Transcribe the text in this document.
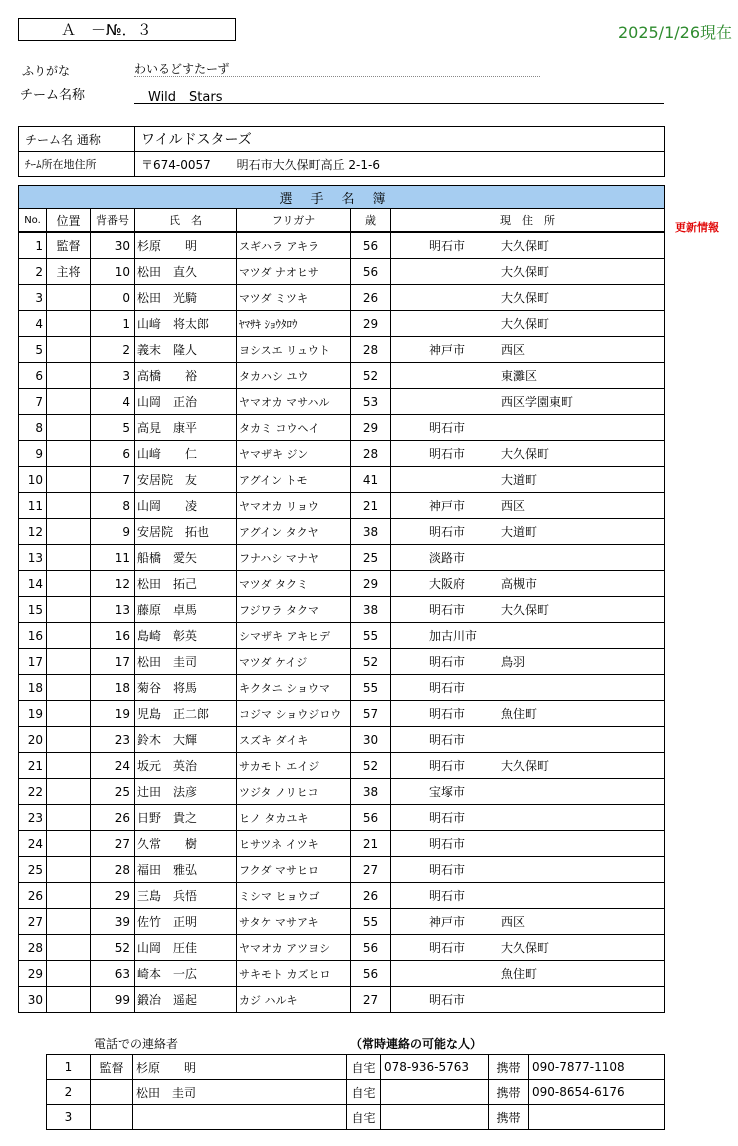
Ａ　－№．３	2025/1/26現在
ふりがな	わいるどすたーず
チーム名称	Wild　Stars
チーム名 通称	ワイルドスターズ
ﾁｰﾑ所在地住所	〒674-0057 明石市大久保町高丘 2-1-6
選手名簿						
No.	位置	背番号	氏　名	フリガナ	歳	現　住　所
1	監督	30	杉原　　明	スギハラ アキラ	56	明石市 大久保町
2	主将	10	松田　直久	マツダ ナオヒサ	56	大久保町
3		0	松田　光騎	マツダ ミツキ	26	大久保町
4		1	山﨑　将太郎	ﾔﾏｻｷ ｼｮｳﾀﾛｳ	29	大久保町
5		2	義末　隆人	ヨシスエ リュウト	28	神戸市 西区
6		3	高橋　　裕	タカハシ ユウ	52	東灘区
7		4	山岡　正治	ヤマオカ マサハル	53	西区学園東町
8		5	高見　康平	タカミ コウヘイ	29	明石市
9		6	山﨑　　仁	ヤマザキ ジン	28	明石市 大久保町
10		7	安居院　友	アグイン トモ	41	大道町
11		8	山岡　　凌	ヤマオカ リョウ	21	神戸市 西区
12		9	安居院　拓也	アグイン タクヤ	38	明石市 大道町
13		11	船橋　愛矢	フナハシ マナヤ	25	淡路市
14		12	松田　拓己	マツダ タクミ	29	大阪府 高槻市
15		13	藤原　卓馬	フジワラ タクマ	38	明石市 大久保町
16		16	島崎　彰英	シマザキ アキヒデ	55	加古川市
17		17	松田　圭司	マツダ ケイジ	52	明石市 鳥羽
18		18	菊谷　将馬	キクタニ ショウマ	55	明石市
19		19	児島　正二郎	コジマ ショウジロウ	57	明石市 魚住町
20		23	鈴木　大輝	スズキ ダイキ	30	明石市
21		24	坂元　英治	サカモト エイジ	52	明石市 大久保町
22		25	辻田　法彦	ツジタ ノリヒコ	38	宝塚市
23		26	日野　貴之	ヒノ タカユキ	56	明石市
24		27	久常　　樹	ヒサツネ イツキ	21	明石市
25		28	福田　雅弘	フクダ マサヒロ	27	明石市
26		29	三島　兵悟	ミシマ ヒョウゴ	26	明石市
27		39	佐竹　正明	サタケ マサアキ	55	神戸市 西区
28		52	山岡　圧佳	ヤマオカ アツヨシ	56	明石市 大久保町
29		63	崎本　一広	サキモト カズヒロ	56	魚住町
30		99	鍛冶　遥起	カジ ハルキ	27	明石市
更新情報
電話での連絡者	（常時連絡の可能な人）
1	監督	杉原　　明	自宅	078-936-5763	携帯	090-7877-1108
2		松田　圭司	自宅		携帯	090-8654-6176
3			自宅		携帯	
